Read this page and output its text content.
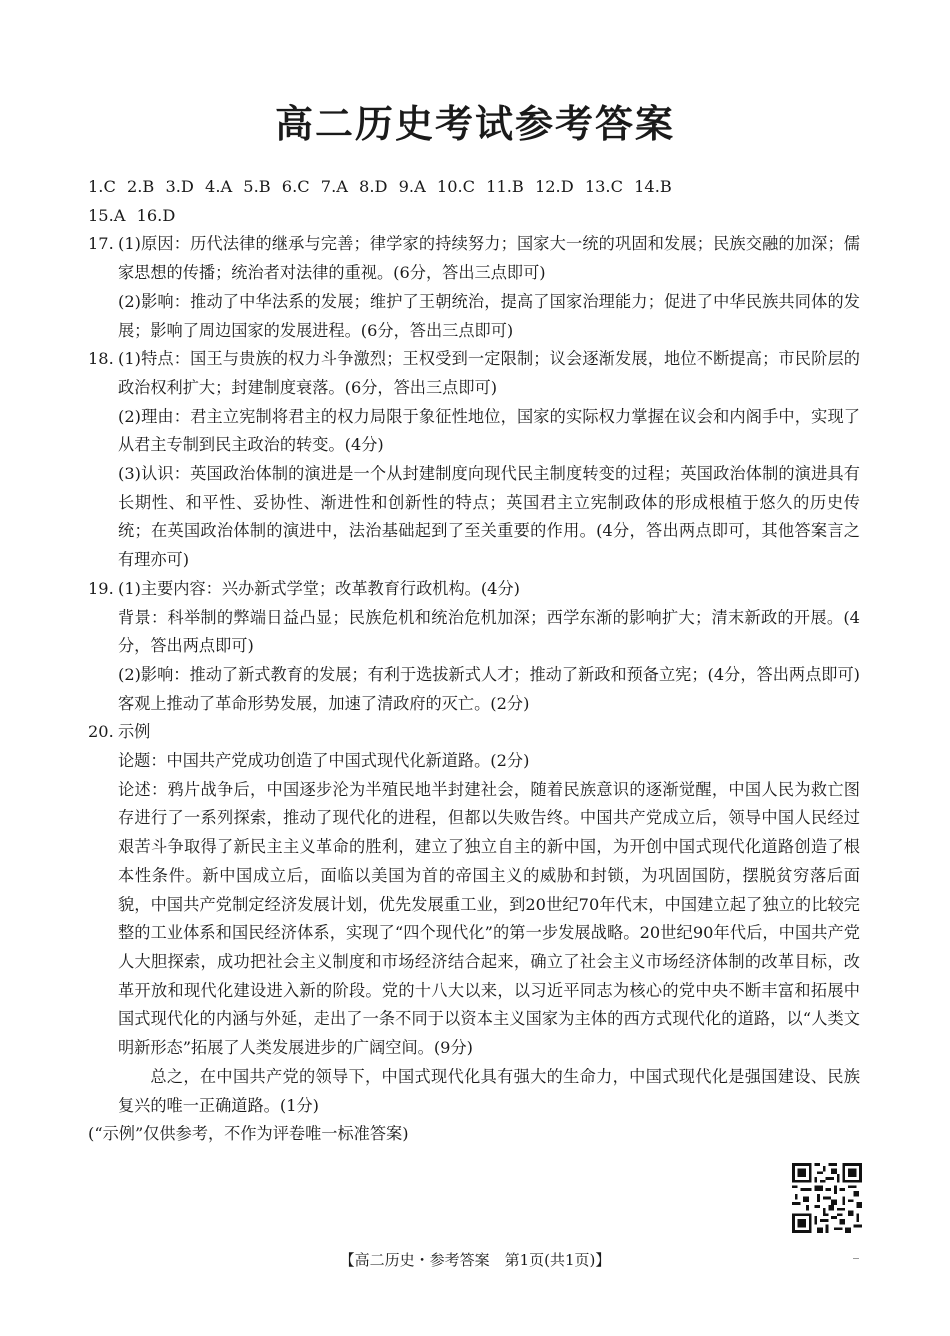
高二历史考试参考答案

1.C 2.B 3.D 4.A 5.B 6.C 7.A 8.D 9.A 10.C 11.B 12.D 13.C 14.B

15.A 16.D

17. (1)原因：历代法律的继承与完善；律学家的持续努力；国家大一统的巩固和发展；民族交融的加深；儒家思想的传播；统治者对法律的重视。(6分，答出三点即可)

(2)影响：推动了中华法系的发展；维护了王朝统治，提高了国家治理能力；促进了中华民族共同体的发展；影响了周边国家的发展进程。(6分，答出三点即可)

18. (1)特点：国王与贵族的权力斗争激烈；王权受到一定限制；议会逐渐发展，地位不断提高；市民阶层的政治权利扩大；封建制度衰落。(6分，答出三点即可)

(2)理由：君主立宪制将君主的权力局限于象征性地位，国家的实际权力掌握在议会和内阁手中，实现了从君主专制到民主政治的转变。(4分)

(3)认识：英国政治体制的演进是一个从封建制度向现代民主制度转变的过程；英国政治体制的演进具有长期性、和平性、妥协性、渐进性和创新性的特点；英国君主立宪制政体的形成根植于悠久的历史传统；在英国政治体制的演进中，法治基础起到了至关重要的作用。(4分，答出两点即可，其他答案言之有理亦可)

19. (1)主要内容：兴办新式学堂；改革教育行政机构。(4分)

背景：科举制的弊端日益凸显；民族危机和统治危机加深；西学东渐的影响扩大；清末新政的开展。(4分，答出两点即可)

(2)影响：推动了新式教育的发展；有利于选拔新式人才；推动了新政和预备立宪；(4分，答出两点即可)客观上推动了革命形势发展，加速了清政府的灭亡。(2分)

20. 示例

论题：中国共产党成功创造了中国式现代化新道路。(2分)

论述：鸦片战争后，中国逐步沦为半殖民地半封建社会，随着民族意识的逐渐觉醒，中国人民为救亡图存进行了一系列探索，推动了现代化的进程，但都以失败告终。中国共产党成立后，领导中国人民经过艰苦斗争取得了新民主主义革命的胜利，建立了独立自主的新中国，为开创中国式现代化道路创造了根本性条件。新中国成立后，面临以美国为首的帝国主义的威胁和封锁，为巩固国防，摆脱贫穷落后面貌，中国共产党制定经济发展计划，优先发展重工业，到20世纪70年代末，中国建立起了独立的比较完整的工业体系和国民经济体系，实现了“四个现代化”的第一步发展战略。20世纪90年代后，中国共产党人大胆探索，成功把社会主义制度和市场经济结合起来，确立了社会主义市场经济体制的改革目标，改革开放和现代化建设进入新的阶段。党的十八大以来，以习近平同志为核心的党中央不断丰富和拓展中国式现代化的内涵与外延，走出了一条不同于以资本主义国家为主体的西方式现代化的道路，以“人类文明新形态”拓展了人类发展进步的广阔空间。(9分)

总之，在中国共产党的领导下，中国式现代化具有强大的生命力，中国式现代化是强国建设、民族复兴的唯一正确道路。(1分)

(“示例”仅供参考，不作为评卷唯一标准答案)

【高二历史・参考答案　第1页(共1页)】
